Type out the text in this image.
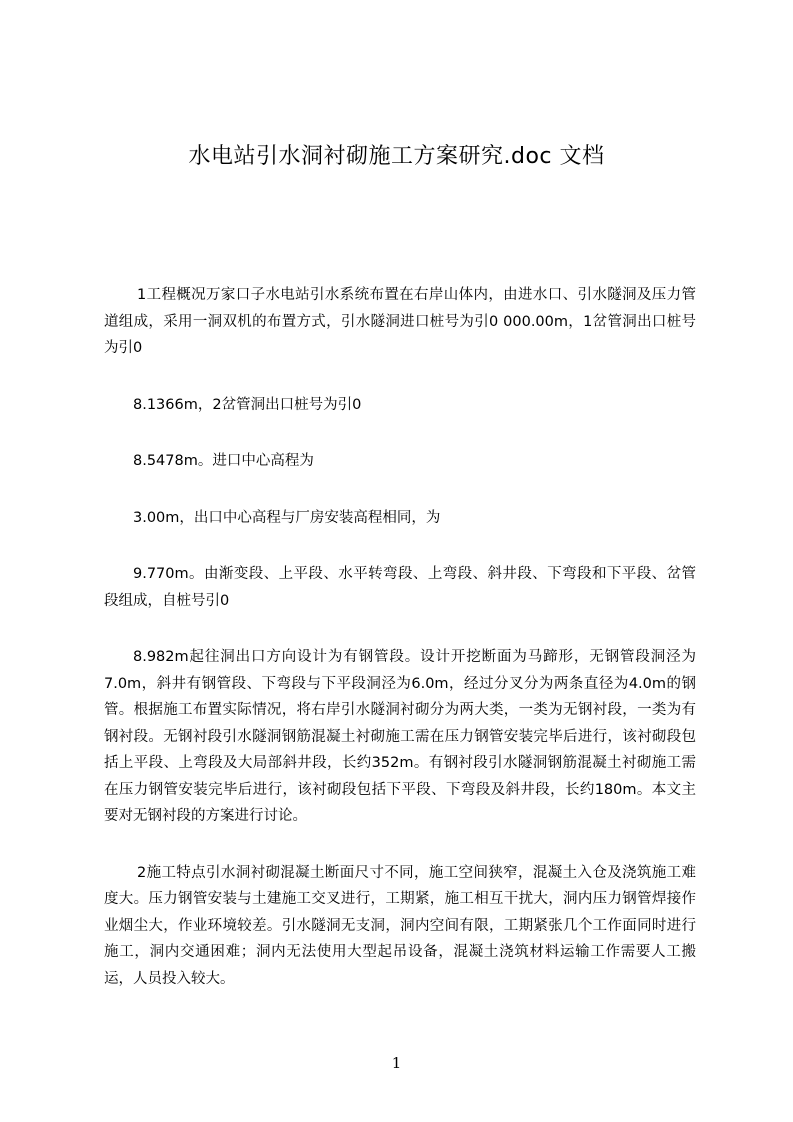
水电站引水洞衬砌施工方案研究.doc 文档

1工程概况万家口子水电站引水系统布置在右岸山体内，由进水口、引水隧洞及压力管道组成，采用一洞双机的布置方式，引水隧洞进口桩号为引0 000.00m，1岔管洞出口桩号为引0

8.1366m，2岔管洞出口桩号为引0

8.5478m。进口中心高程为

3.00m，出口中心高程与厂房安装高程相同，为

9.770m。由渐变段、上平段、水平转弯段、上弯段、斜井段、下弯段和下平段、岔管段组成，自桩号引0

8.982m起往洞出口方向设计为有钢管段。设计开挖断面为马蹄形，无钢管段洞泾为7.0m，斜井有钢管段、下弯段与下平段洞泾为6.0m，经过分叉分为两条直径为4.0m的钢管。根据施工布置实际情况，将右岸引水隧洞衬砌分为两大类，一类为无钢衬段，一类为有钢衬段。无钢衬段引水隧洞钢筋混凝土衬砌施工需在压力钢管安装完毕后进行，该衬砌段包括上平段、上弯段及大局部斜井段，长约352m。有钢衬段引水隧洞钢筋混凝土衬砌施工需在压力钢管安装完毕后进行，该衬砌段包括下平段、下弯段及斜井段，长约180m。本文主要对无钢衬段的方案进行讨论。

2施工特点引水洞衬砌混凝土断面尺寸不同，施工空间狭窄，混凝土入仓及浇筑施工难度大。压力钢管安装与土建施工交叉进行，工期紧，施工相互干扰大，洞内压力钢管焊接作业烟尘大，作业环境较差。引水隧洞无支洞，洞内空间有限，工期紧张几个工作面同时进行施工，洞内交通困难；洞内无法使用大型起吊设备，混凝土浇筑材料运输工作需要人工搬运，人员投入较大。

1
